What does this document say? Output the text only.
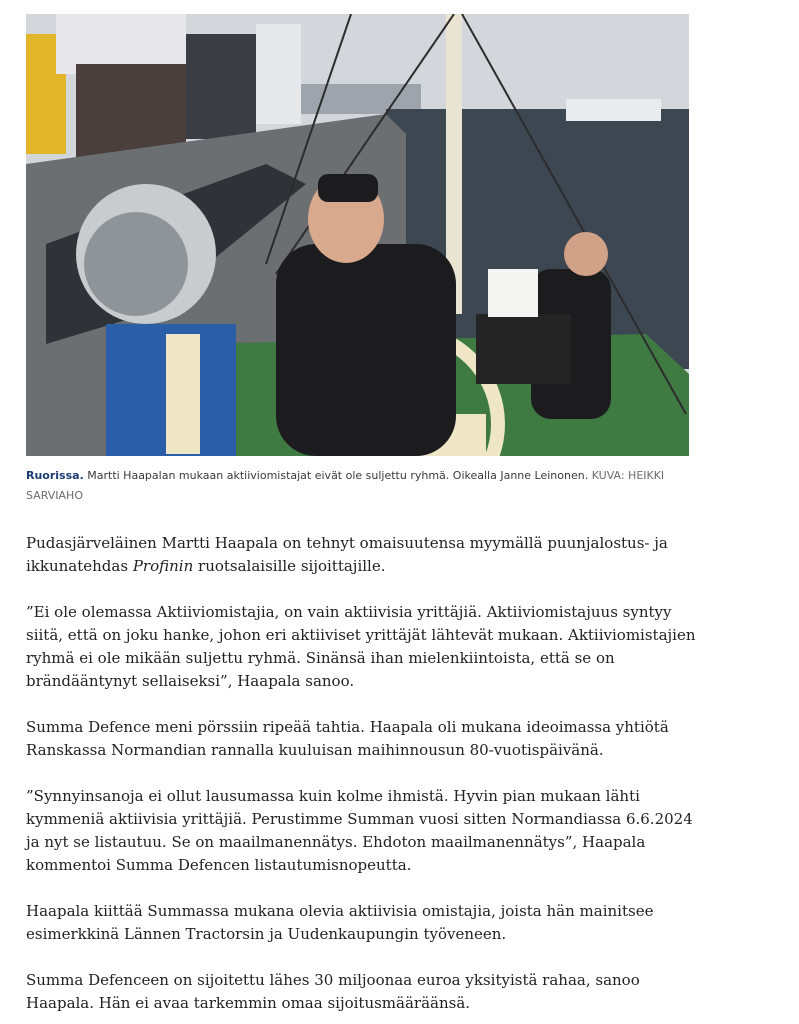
Ruorissa. Martti Haapalan mukaan aktiiviomistajat eivät ole suljettu ryhmä. Oikealla Janne Leinonen. KUVA: HEIKKI SARVIAHO

Pudasjärveläinen Martti Haapala on tehnyt omaisuutensa myymällä puunjalostus- ja ikkunatehdas Profinin ruotsalaisille sijoittajille.

”Ei ole olemassa Aktiiviomistajia, on vain aktiivisia yrittäjiä. Aktiiviomistajuus syntyy siitä, että on joku hanke, johon eri aktiiviset yrittäjät lähtevät mukaan. Aktiiviomistajien ryhmä ei ole mikään suljettu ryhmä. Sinänsä ihan mielenkiintoista, että se on brändääntynyt sellaiseksi”, Haapala sanoo.

Summa Defence meni pörssiin ripeää tahtia. Haapala oli mukana ideoimassa yhtiötä Ranskassa Normandian rannalla kuuluisan maihinnousun 80-vuotispäivänä.

”Synnyinsanoja ei ollut lausumassa kuin kolme ihmistä. Hyvin pian mukaan lähti kymmeniä aktiivisia yrittäjiä. Perustimme Summan vuosi sitten Normandiassa 6.6.2024 ja nyt se listautuu. Se on maailmanennätys. Ehdoton maailmanennätys”, Haapala kommentoi Summa Defencen listautumisnopeutta.

Haapala kiittää Summassa mukana olevia aktiivisia omistajia, joista hän mainitsee esimerkkinä Lännen Tractorsin ja Uudenkaupungin työveneen.

Summa Defenceen on sijoitettu lähes 30 miljoonaa euroa yksityistä rahaa, sanoo Haapala. Hän ei avaa tarkemmin omaa sijoitusmääräänsä.
